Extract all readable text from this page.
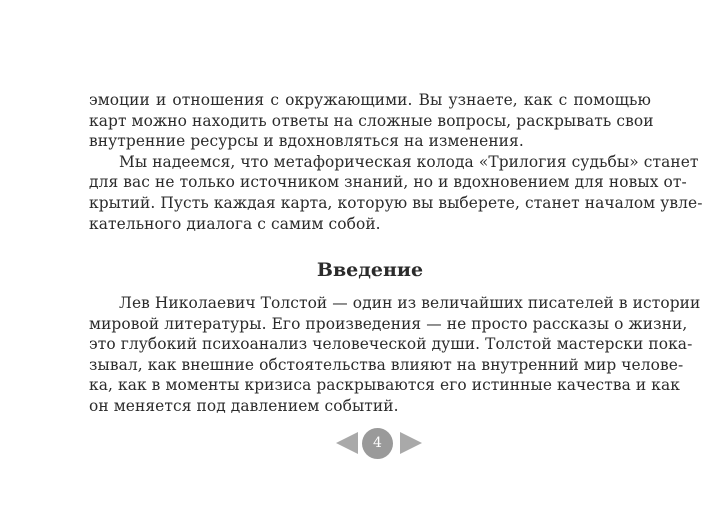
эмоции и отношения с окружающими. Вы узнаете, как с помощью
карт можно находить ответы на сложные вопросы, раскрывать свои
внутренние ресурсы и вдохновляться на изменения.
Мы надеемся, что метафорическая колода «Трилогия судьбы» станет
для вас не только источником знаний, но и вдохновением для новых от-
крытий. Пусть каждая карта, которую вы выберете, станет началом увле-
кательного диалога с самим собой.
Введение
Лев Николаевич Толстой — один из величайших писателей в истории
мировой литературы. Его произведения — не просто рассказы о жизни,
это глубокий психоанализ человеческой души. Толстой мастерски пока-
зывал, как внешние обстоятельства влияют на внутренний мир челове-
ка, как в моменты кризиса раскрываются его истинные качества и как
он меняется под давлением событий.
4
